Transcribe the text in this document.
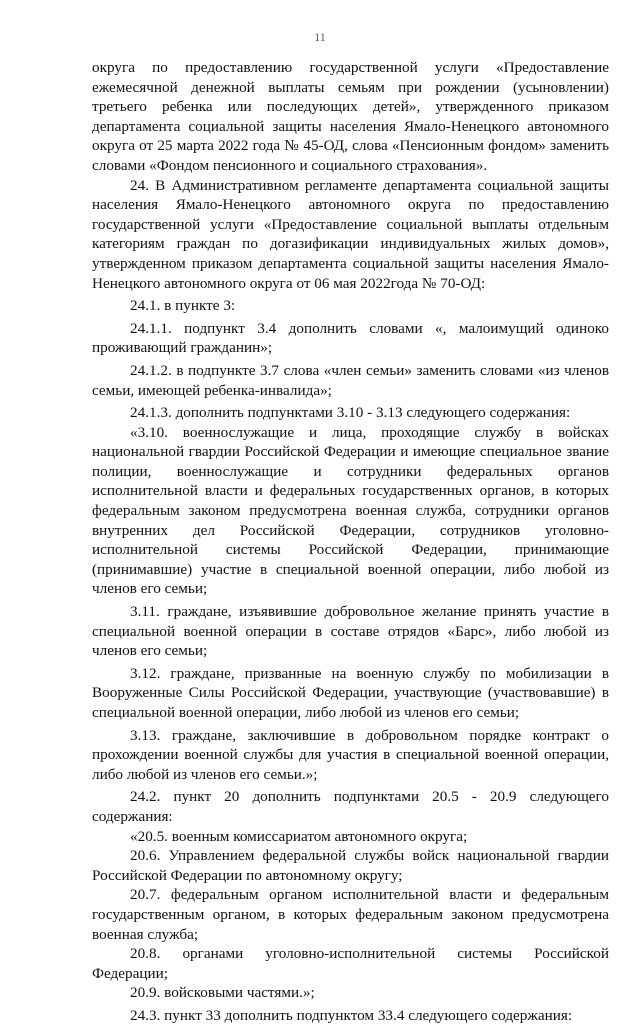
11

округа по предоставлению государственной услуги «Предоставление ежемесячной денежной выплаты семьям при рождении (усыновлении) третьего ребенка или последующих детей», утвержденного приказом департамента социальной защиты населения Ямало-Ненецкого автономного округа от 25 марта 2022 года № 45-ОД, слова «Пенсионным фондом» заменить словами «Фондом пенсионного и социального страхования».

24. В Административном регламенте департамента социальной защиты населения Ямало-Ненецкого автономного округа по предоставлению государственной услуги «Предоставление социальной выплаты отдельным категориям граждан по догазификации индивидуальных жилых домов», утвержденном приказом департамента социальной защиты населения Ямало-Ненецкого автономного округа от 06 мая 2022года № 70-ОД:

24.1. в пункте 3:

24.1.1. подпункт 3.4 дополнить словами «, малоимущий одиноко проживающий гражданин»;

24.1.2. в подпункте 3.7 слова «член семьи» заменить словами «из членов семьи, имеющей ребенка-инвалида»;

24.1.3. дополнить подпунктами 3.10 - 3.13 следующего содержания:

«3.10. военнослужащие и лица, проходящие службу в войсках национальной гвардии Российской Федерации и имеющие специальное звание полиции, военнослужащие и сотрудники федеральных органов исполнительной власти и федеральных государственных органов, в которых федеральным законом предусмотрена военная служба, сотрудники органов внутренних дел Российской Федерации, сотрудников уголовно-исполнительной системы Российской Федерации, принимающие (принимавшие) участие в специальной военной операции, либо любой из членов его семьи;

3.11. граждане, изъявившие добровольное желание принять участие в специальной военной операции в составе отрядов «Барс», либо любой из членов его семьи;

3.12. граждане, призванные на военную службу по мобилизации в Вооруженные Силы Российской Федерации, участвующие (участвовавшие) в специальной военной операции, либо любой из членов его семьи;

3.13. граждане, заключившие в добровольном порядке контракт о прохождении военной службы для участия в специальной военной операции, либо любой из членов его семьи.»;

24.2. пункт 20 дополнить подпунктами 20.5 - 20.9 следующего содержания:

«20.5. военным комиссариатом автономного округа;

20.6. Управлением федеральной службы войск национальной гвардии Российской Федерации по автономному округу;

20.7. федеральным органом исполнительной власти и федеральным государственным органом, в которых федеральным законом предусмотрена военная служба;

20.8. органами уголовно-исполнительной системы Российской Федерации;

20.9. войсковыми частями.»;

24.3. пункт 33 дополнить подпунктом 33.4 следующего содержания:
